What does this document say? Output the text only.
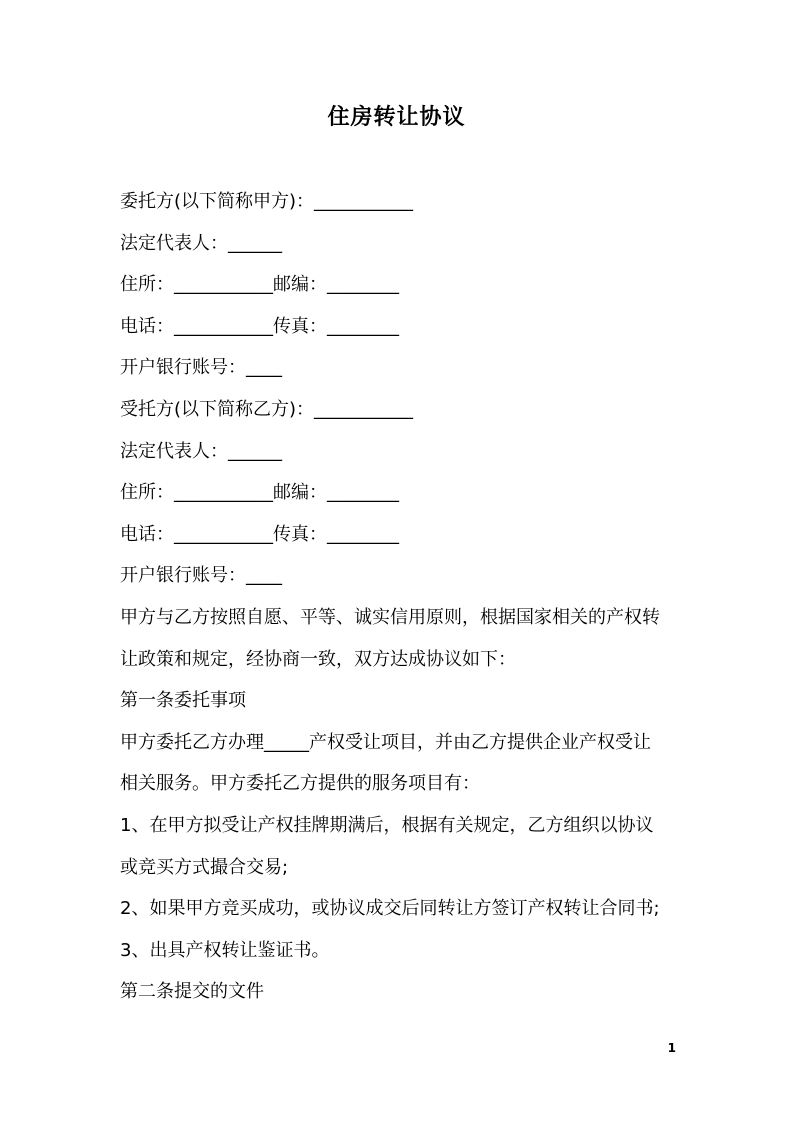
住房转让协议
委托方(以下简称甲方)：___________
法定代表人：______
住所：___________邮编：________
电话：___________传真：________
开户银行账号：____
受托方(以下简称乙方)：___________
法定代表人：______
住所：___________邮编：________
电话：___________传真：________
开户银行账号：____
甲方与乙方按照自愿、平等、诚实信用原则，根据国家相关的产权转
让政策和规定，经协商一致，双方达成协议如下：
第一条委托事项
甲方委托乙方办理_____产权受让项目，并由乙方提供企业产权受让
相关服务。甲方委托乙方提供的服务项目有：
1、在甲方拟受让产权挂牌期满后，根据有关规定，乙方组织以协议
或竞买方式撮合交易;
2、如果甲方竞买成功，或协议成交后同转让方签订产权转让合同书;
3、出具产权转让鉴证书。
第二条提交的文件
1
